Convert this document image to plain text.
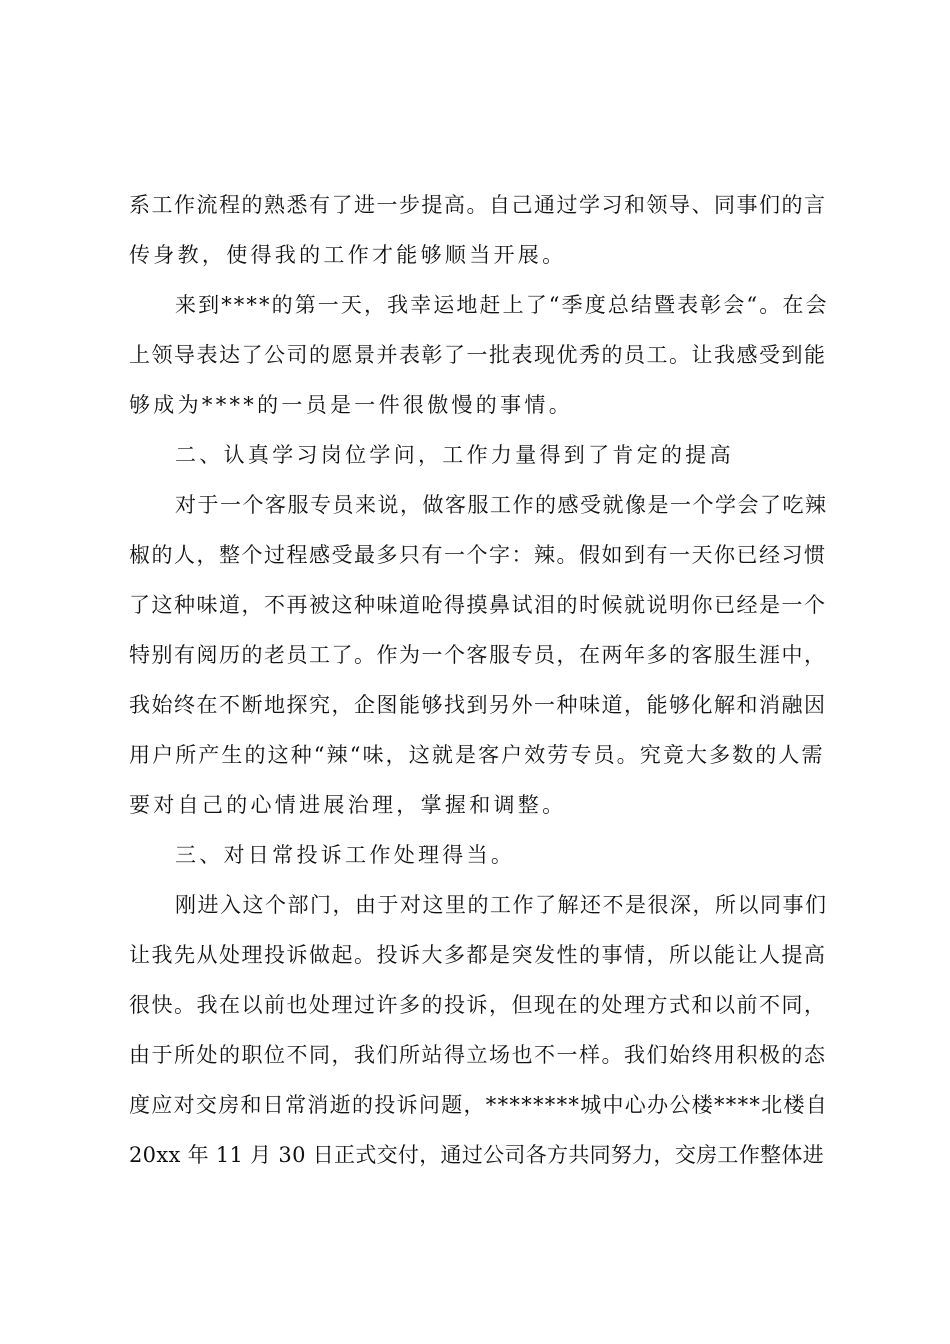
系工作流程的熟悉有了进一步提高。自己通过学习和领导、同事们的言
传身教，使得我的工作才能够顺当开展。
来到****的第一天，我幸运地赶上了“季度总结暨表彰会“。在会
上领导表达了公司的愿景并表彰了一批表现优秀的员工。让我感受到能
够成为****的一员是一件很傲慢的事情。
二、认真学习岗位学问，工作力量得到了肯定的提高
对于一个客服专员来说，做客服工作的感受就像是一个学会了吃辣
椒的人，整个过程感受最多只有一个字：辣。假如到有一天你已经习惯
了这种味道，不再被这种味道呛得摸鼻试泪的时候就说明你已经是一个
特别有阅历的老员工了。作为一个客服专员，在两年多的客服生涯中，
我始终在不断地探究，企图能够找到另外一种味道，能够化解和消融因
用户所产生的这种“辣“味，这就是客户效劳专员。究竟大多数的人需
要对自己的心情进展治理，掌握和调整。
三、对日常投诉工作处理得当。
刚进入这个部门，由于对这里的工作了解还不是很深，所以同事们
让我先从处理投诉做起。投诉大多都是突发性的事情，所以能让人提高
很快。我在以前也处理过许多的投诉，但现在的处理方式和以前不同，
由于所处的职位不同，我们所站得立场也不一样。我们始终用积极的态
度应对交房和日常消逝的投诉问题，********城中心办公楼****北楼自
20xx 年 11 月 30 日正式交付，通过公司各方共同努力，交房工作整体进
